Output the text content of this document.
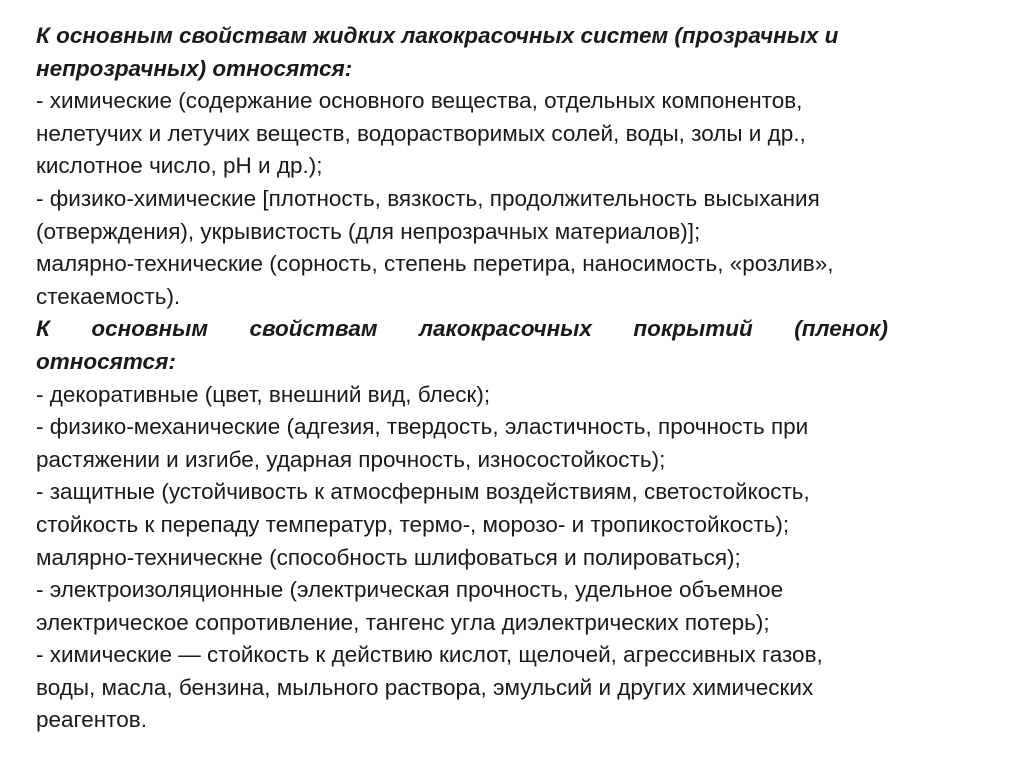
К основным свойствам жидких лакокрасочных систем (прозрачных и
непрозрачных) относятся:
- химические (содержание основного вещества, отдельных компонентов,
нелетучих и летучих веществ, водорастворимых солей, воды, золы и др.,
кислотное число, рН и др.);
- физико-химические [плотность, вязкость, продолжительность высыхания
(отверждения), укрывистость (для непрозрачных материалов)];
малярно-технические (сорность, степень перетира, наносимость, «розлив»,
стекаемость).
К основным свойствам лакокрасочных покрытий (пленок)
относятся:
- декоративные (цвет, внешний вид, блеск);
- физико-механические (адгезия, твердость, эластичность, прочность при
растяжении и изгибе, ударная прочность, износостойкость);
- защитные (устойчивость к атмосферным воздействиям, светостойкость,
стойкость к перепаду температур, термо-, морозо- и тропикостойкость);
малярно-техническне (способность шлифоваться и полироваться);
- электроизоляционные (электрическая прочность, удельное объемное
электрическое сопротивление, тангенс угла диэлектрических потерь);
- химические — стойкость к действию кислот, щелочей, агрессивных газов,
воды, масла, бензина, мыльного раствора, эмульсий и других химических
реагентов.
